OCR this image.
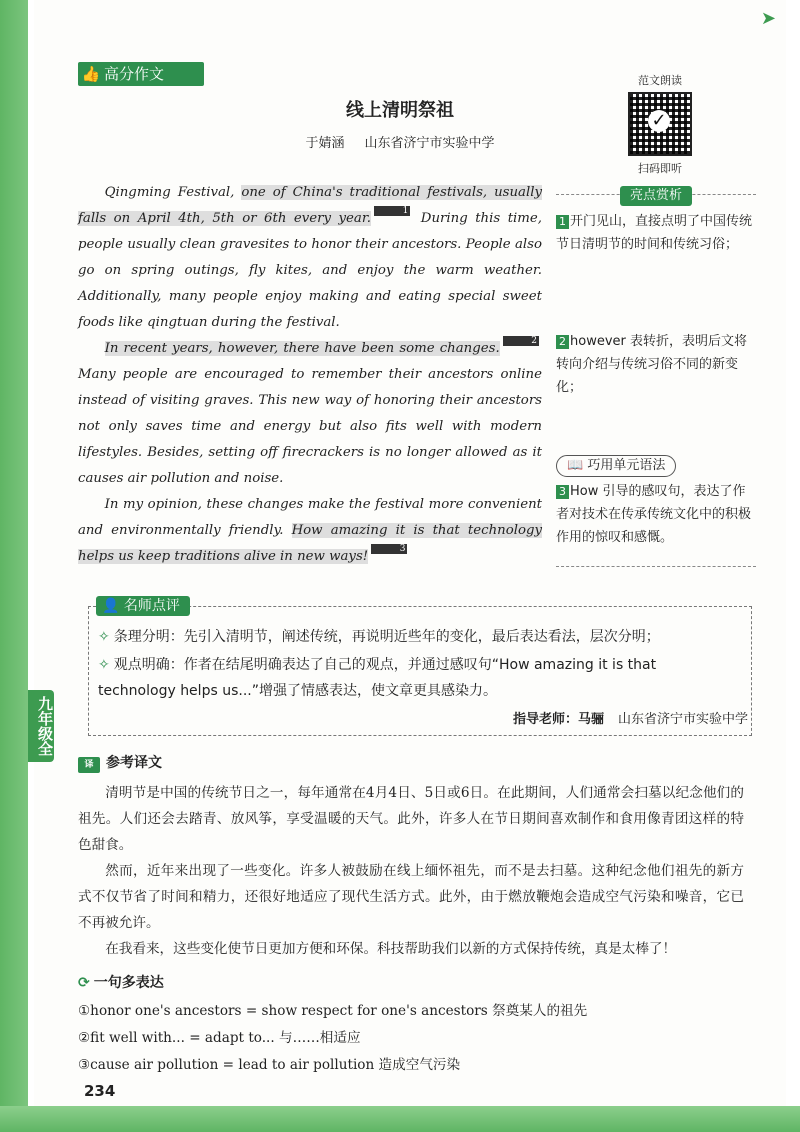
➤
👍 高分作文
线上清明祭祖
于婧涵 山东省济宁市实验中学
范文朗读
✓
扫码即听

Qingming Festival, one of China's traditional festivals, usually falls on April 4th, 5th or 6th every year.	1 During this time, people usually clean gravesites to honor their ancestors. People also go on spring outings, fly kites, and enjoy the warm weather. Additionally, many people enjoy making and eating special sweet foods like qingtuan during the festival.

In recent years, however, there have been some changes.	2 Many people are encouraged to remember their ancestors online instead of visiting graves. This new way of honoring their ancestors not only saves time and energy but also fits well with modern lifestyles. Besides, setting off firecrackers is no longer allowed as it causes air pollution and noise.

In my opinion, these changes make the festival more convenient and environmentally friendly. How amazing it is that technology helps us keep traditions alive in new ways!	3

亮点赏析
1 开门见山，直接点明了中国传统节日清明节的时间和传统习俗；
2 however 表转折，表明后文将转向介绍与传统习俗不同的新变化；
📖 巧用单元语法
3 How 引导的感叹句，表达了作者对技术在传承传统文化中的积极作用的惊叹和感慨。
👤 名师点评
✧ 条理分明：先引入清明节，阐述传统，再说明近些年的变化，最后表达看法，层次分明；
✧ 观点明确：作者在结尾明确表达了自己的观点，并通过感叹句“How amazing it is that technology helps us...”增强了情感表达，使文章更具感染力。
指导老师：马骊 山东省济宁市实验中学
九年级全
译 参考译文

清明节是中国的传统节日之一，每年通常在4月4日、5日或6日。在此期间，人们通常会扫墓以纪念他们的祖先。人们还会去踏青、放风筝，享受温暖的天气。此外，许多人在节日期间喜欢制作和食用像青团这样的特色甜食。

然而，近年来出现了一些变化。许多人被鼓励在线上缅怀祖先，而不是去扫墓。这种纪念他们祖先的新方式不仅节省了时间和精力，还很好地适应了现代生活方式。此外，由于燃放鞭炮会造成空气污染和噪音，它已不再被允许。

在我看来，这些变化使节日更加方便和环保。科技帮助我们以新的方式保持传统，真是太棒了！

⟳ 一句多表达
①honor one's ancestors = show respect for one's ancestors 祭奠某人的祖先
②fit well with... = adapt to... 与……相适应
③cause air pollution = lead to air pollution 造成空气污染
234
